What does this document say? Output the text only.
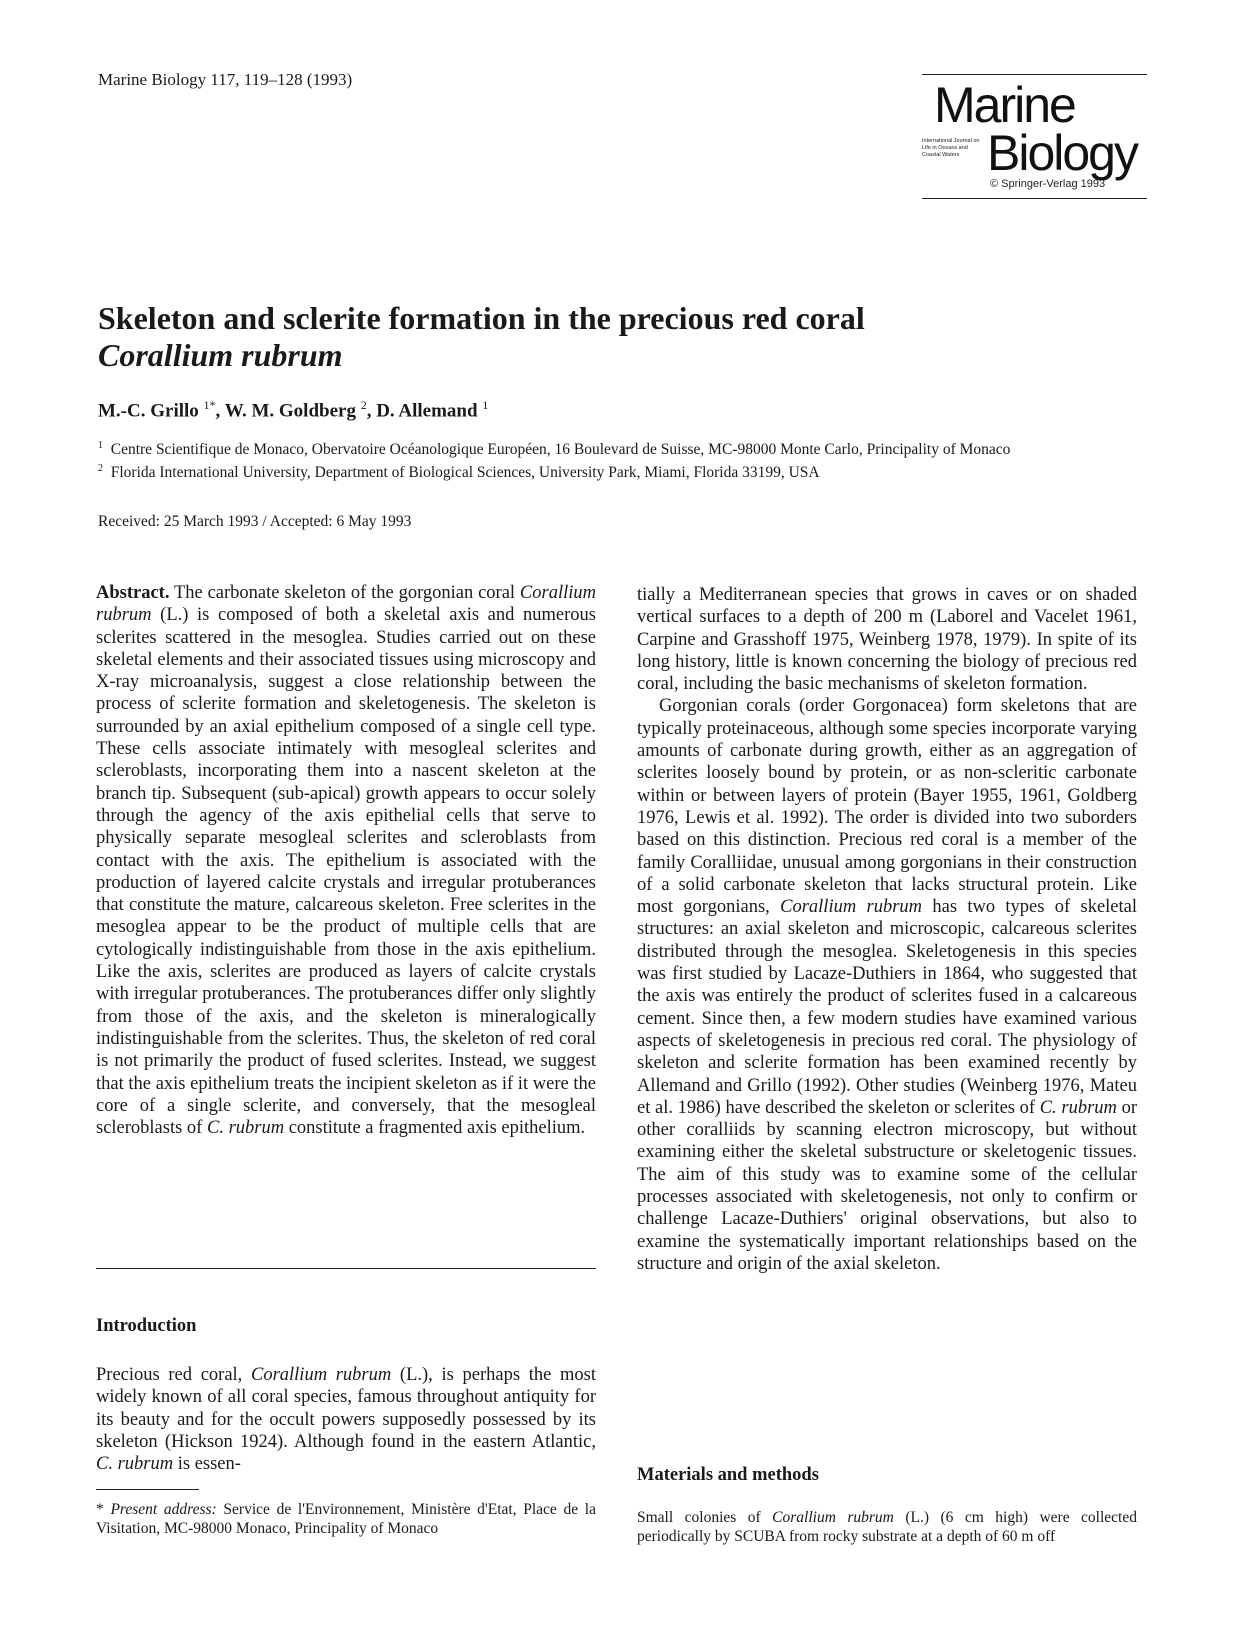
Marine Biology 117, 119–128 (1993)	Marine
International Journal on Life in Oceans and Coastal Waters Biology
© Springer-Verlag 1993
Skeleton and sclerite formation in the precious red coral
Corallium rubrum
M.-C. Grillo $^{1*}$, W. M. Goldberg $^2$, D. Allemand $^1$

$^1$ Centre Scientifique de Monaco, Obervatoire Océanologique Européen, 16 Boulevard de Suisse, MC-98000 Monte Carlo, Principality of Monaco

$^2$ Florida International University, Department of Biological Sciences, University Park, Miami, Florida 33199, USA

Received: 25 March 1993 / Accepted: 6 May 1993

Abstract. The carbonate skeleton of the gorgonian coral Corallium rubrum (L.) is composed of both a skeletal axis and numerous sclerites scattered in the mesoglea. Studies carried out on these skeletal elements and their associated tissues using microscopy and X-ray microanalysis, suggest a close relationship between the process of sclerite formation and skeletogenesis. The skeleton is surrounded by an axial epithelium composed of a single cell type. These cells associate intimately with mesogleal sclerites and scleroblasts, incorporating them into a nascent skeleton at the branch tip. Subsequent (sub-apical) growth appears to occur solely through the agency of the axis epithelial cells that serve to physically separate mesogleal sclerites and scleroblasts from contact with the axis. The epithelium is associated with the production of layered calcite crystals and irregular protuberances that constitute the mature, calcareous skeleton. Free sclerites in the mesoglea appear to be the product of multiple cells that are cytologically indistinguishable from those in the axis epithelium. Like the axis, sclerites are produced as layers of calcite crystals with irregular protuberances. The protuberances differ only slightly from those of the axis, and the skeleton is mineralogically indistinguishable from the sclerites. Thus, the skeleton of red coral is not primarily the product of fused sclerites. Instead, we suggest that the axis epithelium treats the incipient skeleton as if it were the core of a single sclerite, and conversely, that the mesogleal scleroblasts of C. rubrum constitute a fragmented axis epithelium.

Introduction

Precious red coral, Corallium rubrum (L.), is perhaps the most widely known of all coral species, famous throughout antiquity for its beauty and for the occult powers supposedly possessed by its skeleton (Hickson 1924). Although found in the eastern Atlantic, C. rubrum is essen-

* Present address: Service de l'Environnement, Ministère d'Etat, Place de la Visitation, MC-98000 Monaco, Principality of Monaco

tially a Mediterranean species that grows in caves or on shaded vertical surfaces to a depth of 200 m (Laborel and Vacelet 1961, Carpine and Grasshoff 1975, Weinberg 1978, 1979). In spite of its long history, little is known concerning the biology of precious red coral, including the basic mechanisms of skeleton formation.

Gorgonian corals (order Gorgonacea) form skeletons that are typically proteinaceous, although some species incorporate varying amounts of carbonate during growth, either as an aggregation of sclerites loosely bound by protein, or as non-scleritic carbonate within or between layers of protein (Bayer 1955, 1961, Goldberg 1976, Lewis et al. 1992). The order is divided into two suborders based on this distinction. Precious red coral is a member of the family Coralliidae, unusual among gorgonians in their construction of a solid carbonate skeleton that lacks structural protein. Like most gorgonians, Corallium rubrum has two types of skeletal structures: an axial skeleton and microscopic, calcareous sclerites distributed through the mesoglea. Skeletogenesis in this species was first studied by Lacaze-Duthiers in 1864, who suggested that the axis was entirely the product of sclerites fused in a calcareous cement. Since then, a few modern studies have examined various aspects of skeletogenesis in precious red coral. The physiology of skeleton and sclerite formation has been examined recently by Allemand and Grillo (1992). Other studies (Weinberg 1976, Mateu et al. 1986) have described the skeleton or sclerites of C. rubrum or other coralliids by scanning electron microscopy, but without examining either the skeletal substructure or skeletogenic tissues. The aim of this study was to examine some of the cellular processes associated with skeletogenesis, not only to confirm or challenge Lacaze-Duthiers' original observations, but also to examine the systematically important relationships based on the structure and origin of the axial skeleton.

Materials and methods
Small colonies of Corallium rubrum (L.) (6 cm high) were collected periodically by SCUBA from rocky substrate at a depth of 60 m off
